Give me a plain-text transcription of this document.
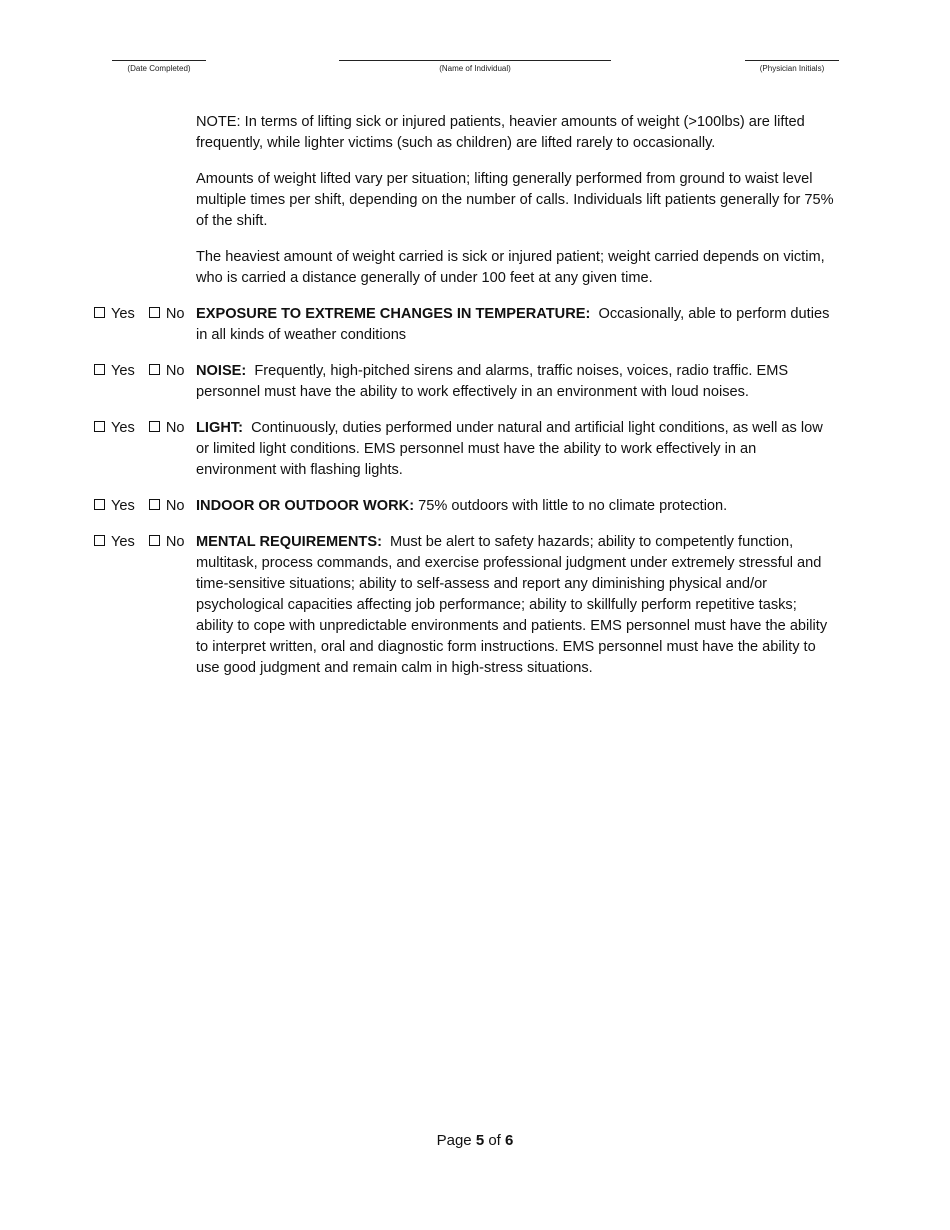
(Date Completed)	(Name of Individual)	(Physician Initials)
NOTE: In terms of lifting sick or injured patients, heavier amounts of weight (>100lbs) are lifted frequently, while lighter victims (such as children) are lifted rarely to occasionally.
Amounts of weight lifted vary per situation; lifting generally performed from ground to waist level multiple times per shift, depending on the number of calls. Individuals lift patients generally for 75% of the shift.
The heaviest amount of weight carried is sick or injured patient; weight carried depends on victim, who is carried a distance generally of under 100 feet at any given time.
Yes No EXPOSURE TO EXTREME CHANGES IN TEMPERATURE: Occasionally, able to perform duties in all kinds of weather conditions
Yes No NOISE: Frequently, high-pitched sirens and alarms, traffic noises, voices, radio traffic. EMS personnel must have the ability to work effectively in an environment with loud noises.
Yes No LIGHT: Continuously, duties performed under natural and artificial light conditions, as well as low or limited light conditions. EMS personnel must have the ability to work effectively in an environment with flashing lights.
Yes No INDOOR OR OUTDOOR WORK: 75% outdoors with little to no climate protection.
Yes No MENTAL REQUIREMENTS: Must be alert to safety hazards; ability to competently function, multitask, process commands, and exercise professional judgment under extremely stressful and time-sensitive situations; ability to self-assess and report any diminishing physical and/or psychological capacities affecting job performance; ability to skillfully perform repetitive tasks; ability to cope with unpredictable environments and patients. EMS personnel must have the ability to interpret written, oral and diagnostic form instructions. EMS personnel must have the ability to use good judgment and remain calm in high-stress situations.
Page 5 of 6
